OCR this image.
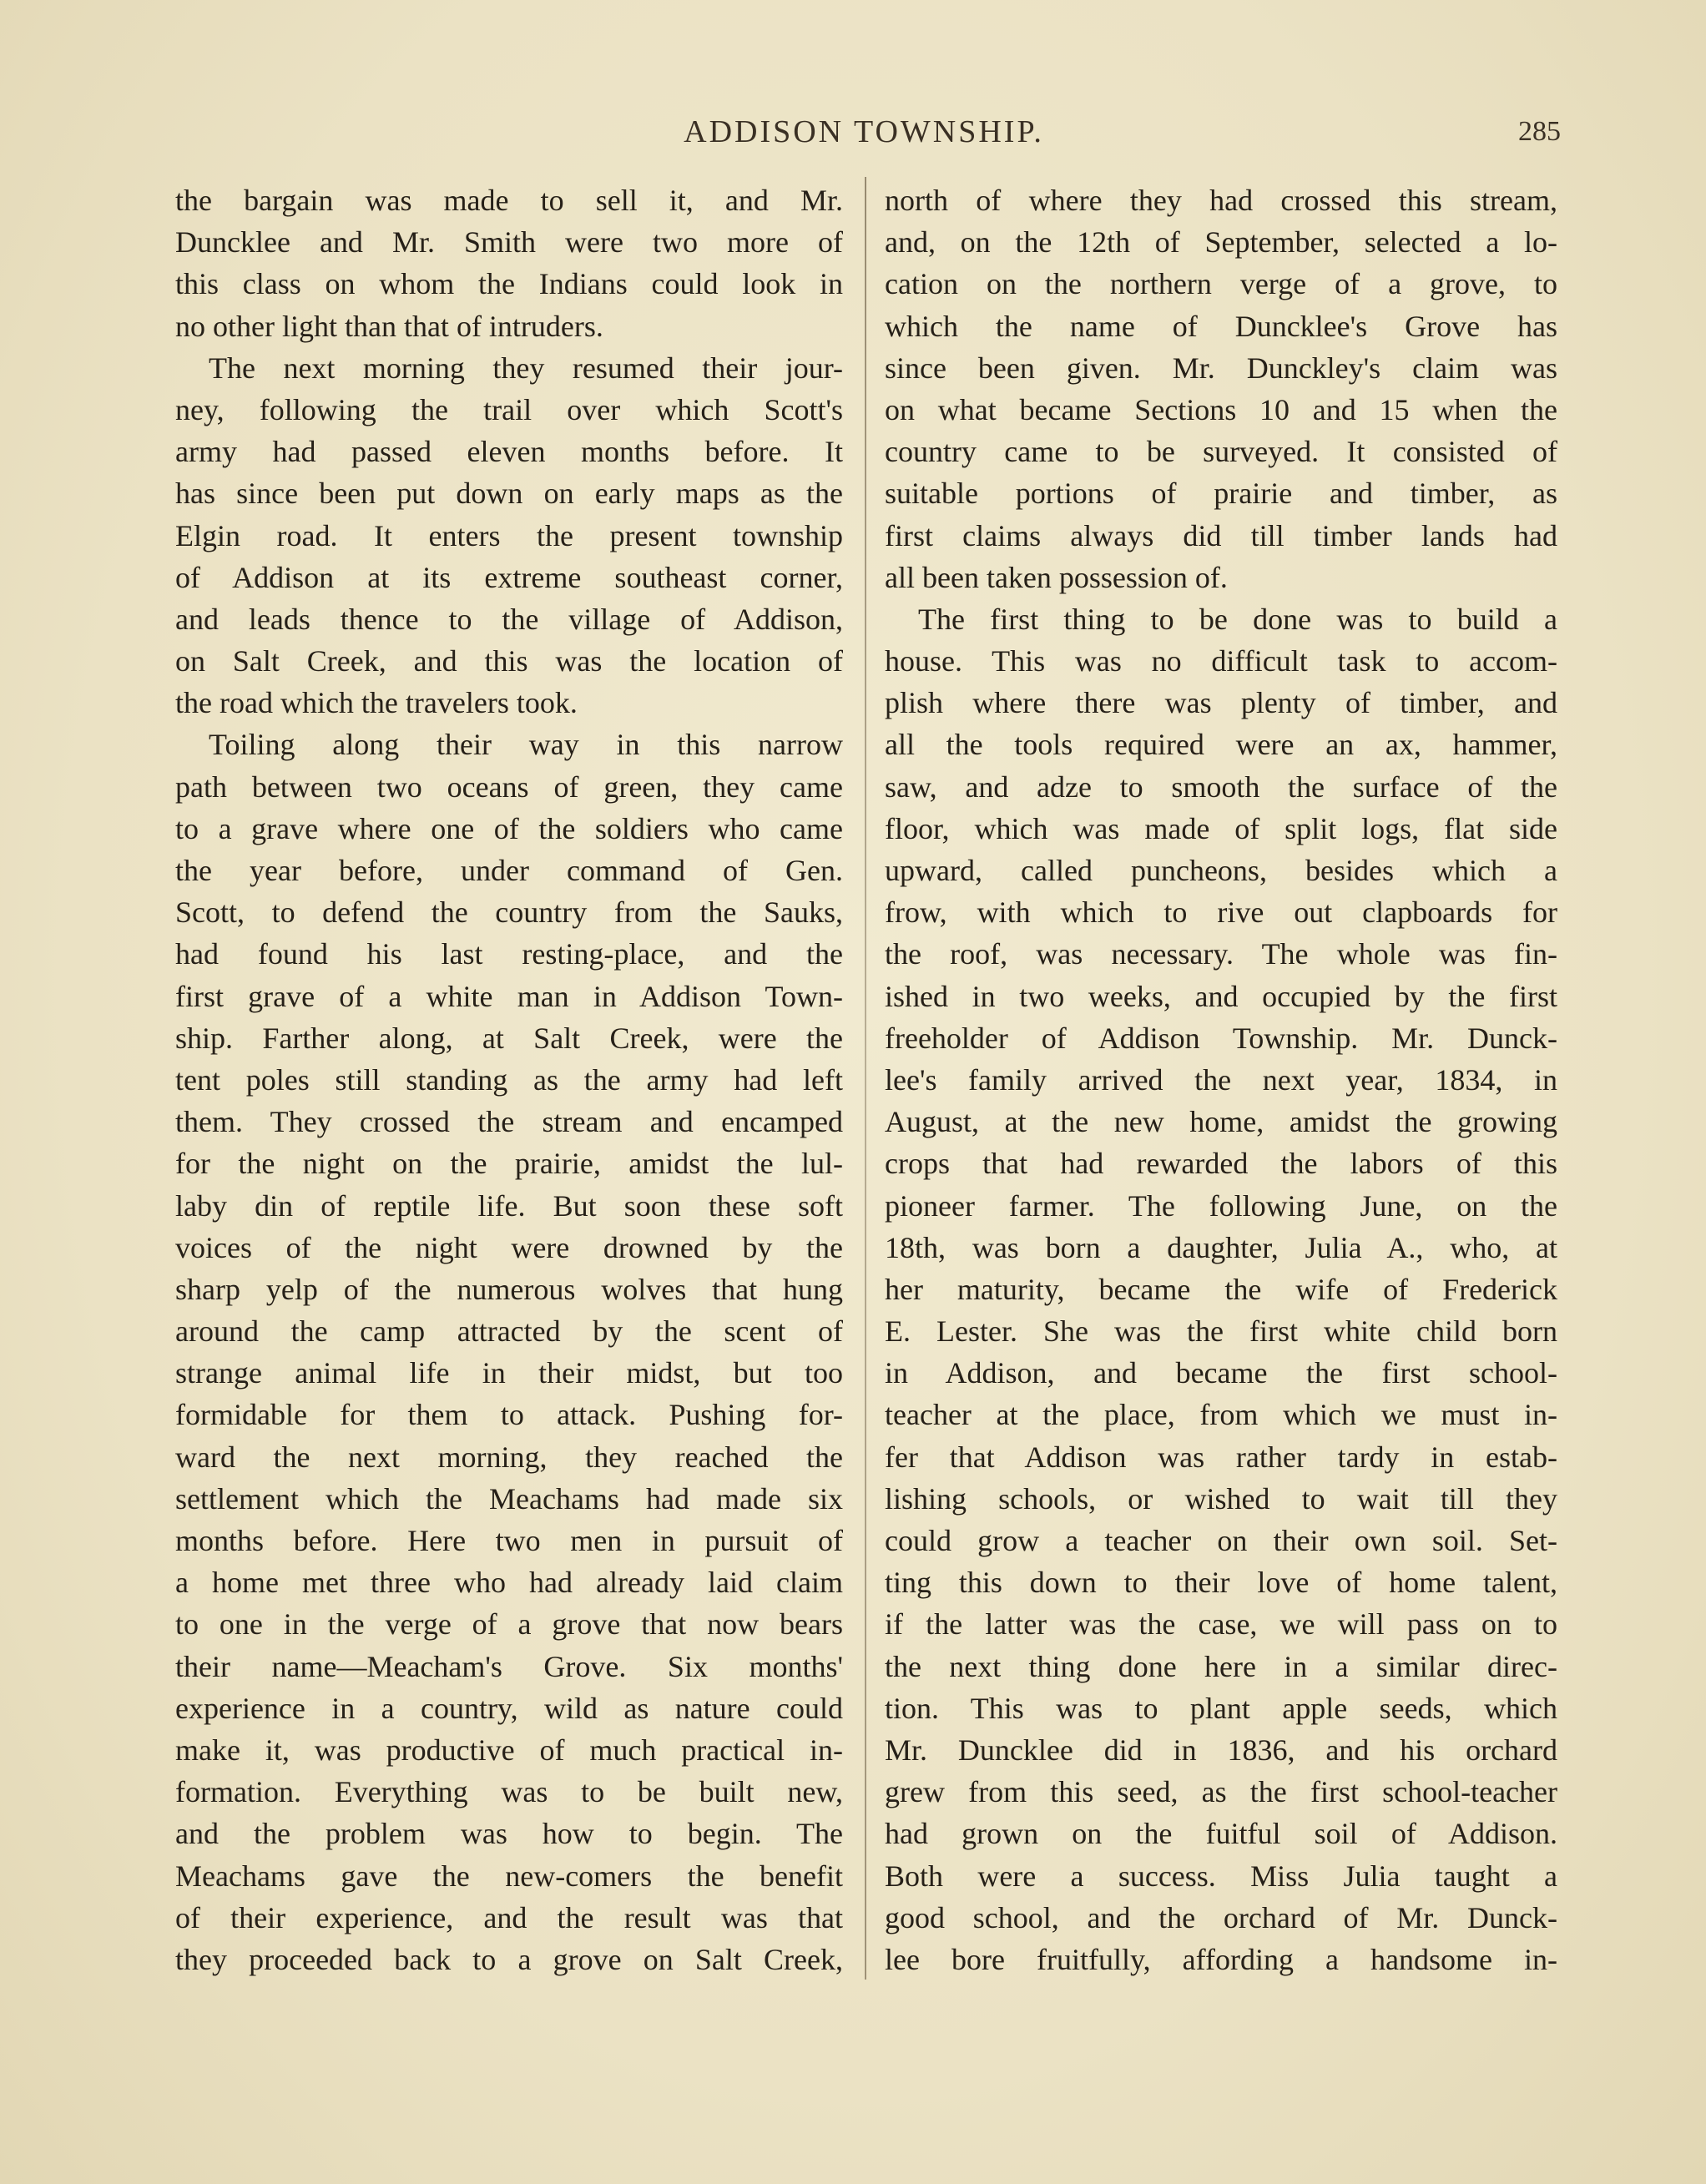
ADDISON TOWNSHIP.	285
the bargain was made to sell it, and Mr.
Duncklee and Mr. Smith were two more of
this class on whom the Indians could look in
no other light than that of intruders.
The next morning they resumed their jour-
ney, following the trail over which Scott's
army had passed eleven months before. It
has since been put down on early maps as the
Elgin road. It enters the present township
of Addison at its extreme southeast corner,
and leads thence to the village of Addison,
on Salt Creek, and this was the location of
the road which the travelers took.
Toiling along their way in this narrow
path between two oceans of green, they came
to a grave where one of the soldiers who came
the year before, under command of Gen.
Scott, to defend the country from the Sauks,
had found his last resting-place, and the
first grave of a white man in Addison Town-
ship. Farther along, at Salt Creek, were the
tent poles still standing as the army had left
them. They crossed the stream and encamped
for the night on the prairie, amidst the lul-
laby din of reptile life. But soon these soft
voices of the night were drowned by the
sharp yelp of the numerous wolves that hung
around the camp attracted by the scent of
strange animal life in their midst, but too
formidable for them to attack. Pushing for-
ward the next morning, they reached the
settlement which the Meachams had made six
months before. Here two men in pursuit of
a home met three who had already laid claim
to one in the verge of a grove that now bears
their name—Meacham's Grove. Six months'
experience in a country, wild as nature could
make it, was productive of much practical in-
formation. Everything was to be built new,
and the problem was how to begin. The
Meachams gave the new-comers the benefit
of their experience, and the result was that
they proceeded back to a grove on Salt Creek,
north of where they had crossed this stream,
and, on the 12th of September, selected a lo-
cation on the northern verge of a grove, to
which the name of Duncklee's Grove has
since been given. Mr. Dunckley's claim was
on what became Sections 10 and 15 when the
country came to be surveyed. It consisted of
suitable portions of prairie and timber, as
first claims always did till timber lands had
all been taken possession of.
The first thing to be done was to build a
house. This was no difficult task to accom-
plish where there was plenty of timber, and
all the tools required were an ax, hammer,
saw, and adze to smooth the surface of the
floor, which was made of split logs, flat side
upward, called puncheons, besides which a
frow, with which to rive out clapboards for
the roof, was necessary. The whole was fin-
ished in two weeks, and occupied by the first
freeholder of Addison Township. Mr. Dunck-
lee's family arrived the next year, 1834, in
August, at the new home, amidst the growing
crops that had rewarded the labors of this
pioneer farmer. The following June, on the
18th, was born a daughter, Julia A., who, at
her maturity, became the wife of Frederick
E. Lester. She was the first white child born
in Addison, and became the first school-
teacher at the place, from which we must in-
fer that Addison was rather tardy in estab-
lishing schools, or wished to wait till they
could grow a teacher on their own soil. Set-
ting this down to their love of home talent,
if the latter was the case, we will pass on to
the next thing done here in a similar direc-
tion. This was to plant apple seeds, which
Mr. Duncklee did in 1836, and his orchard
grew from this seed, as the first school-teacher
had grown on the fuitful soil of Addison.
Both were a success. Miss Julia taught a
good school, and the orchard of Mr. Dunck-
lee bore fruitfully, affording a handsome in-
